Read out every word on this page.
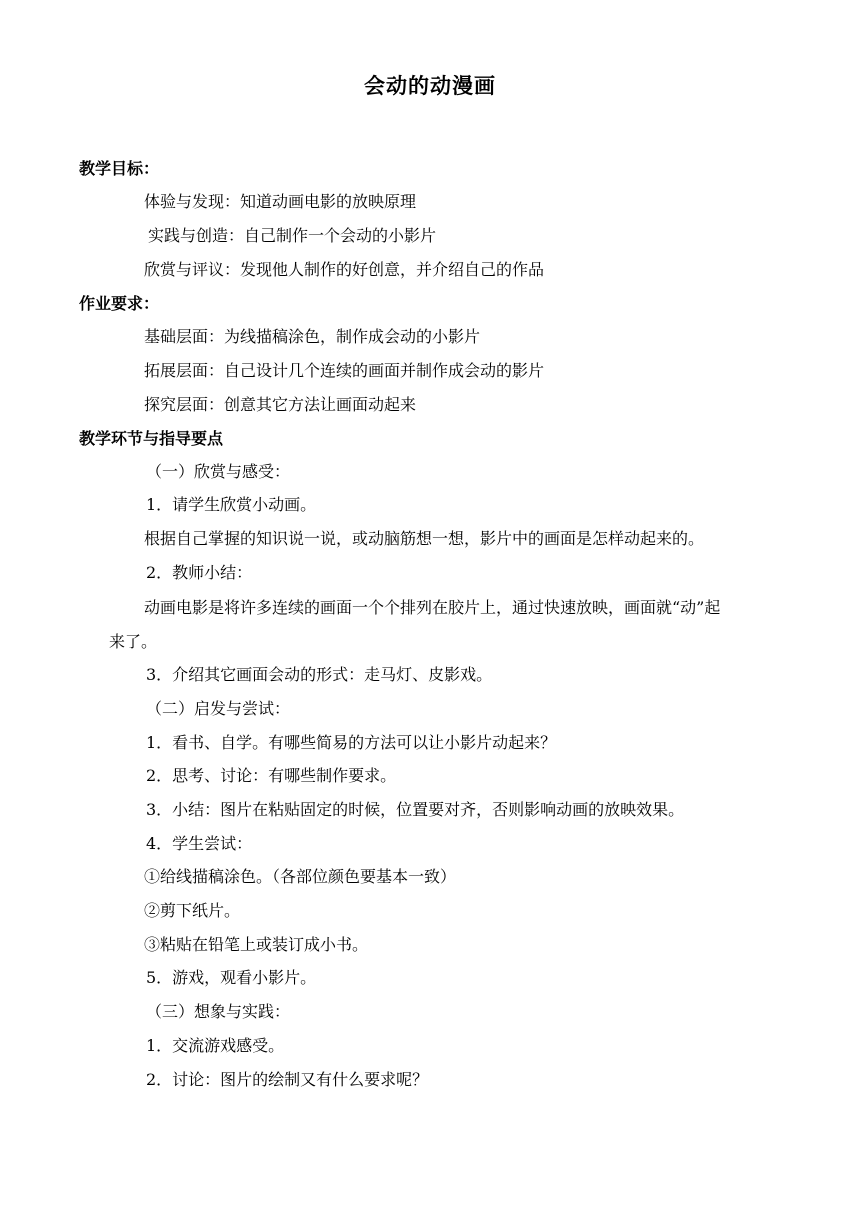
会动的动漫画
教学目标：
体验与发现：知道动画电影的放映原理
实践与创造：自己制作一个会动的小影片
欣赏与评议：发现他人制作的好创意，并介绍自己的作品
作业要求：
基础层面：为线描稿涂色，制作成会动的小影片
拓展层面：自己设计几个连续的画面并制作成会动的影片
探究层面：创意其它方法让画面动起来
教学环节与指导要点
（一）欣赏与感受：
1．请学生欣赏小动画。
根据自己掌握的知识说一说，或动脑筋想一想，影片中的画面是怎样动起来的。
2．教师小结：
动画电影是将许多连续的画面一个个排列在胶片上，通过快速放映，画面就“动”起
来了。
3．介绍其它画面会动的形式：走马灯、皮影戏。
（二）启发与尝试：
1．看书、自学。有哪些简易的方法可以让小影片动起来？
2．思考、讨论：有哪些制作要求。
3．小结：图片在粘贴固定的时候，位置要对齐，否则影响动画的放映效果。
4．学生尝试：
①给线描稿涂色。（各部位颜色要基本一致）
②剪下纸片。
③粘贴在铅笔上或装订成小书。
5．游戏，观看小影片。
（三）想象与实践：
1．交流游戏感受。
2．讨论：图片的绘制又有什么要求呢？
